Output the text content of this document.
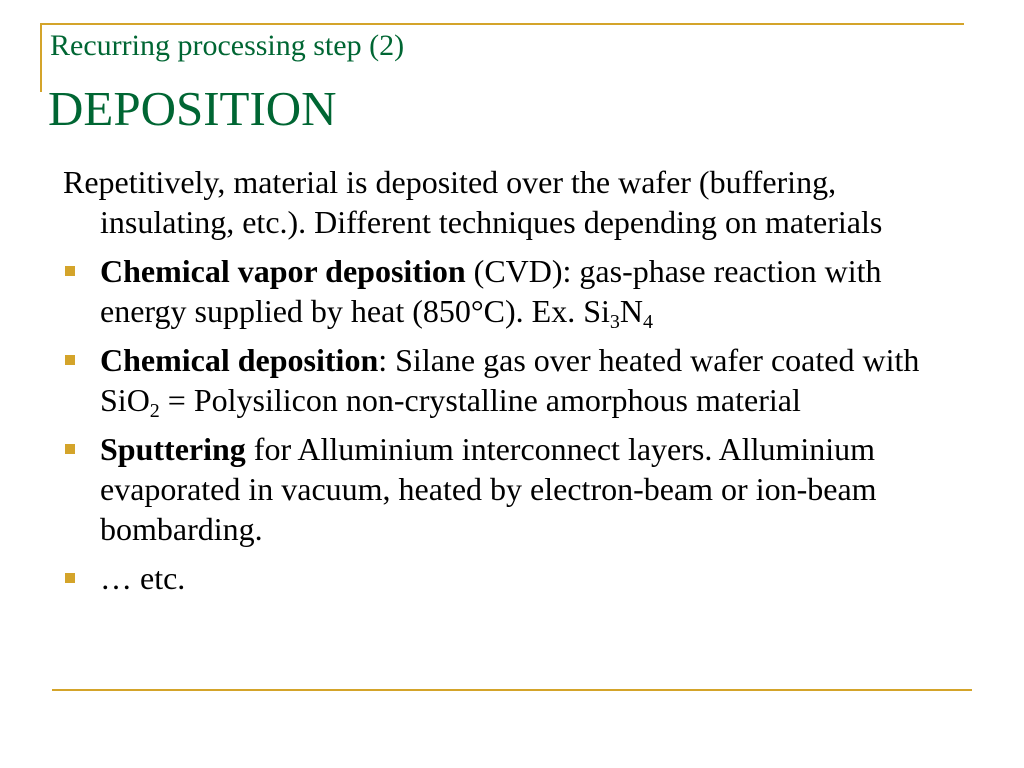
Recurring processing step (2)
DEPOSITION

Repetitively, material is deposited over the wafer (buffering, insulating, etc.). Different techniques depending on materials

Chemical vapor deposition (CVD): gas-phase reaction with energy supplied by heat (850°C). Ex. $Si_3N_4$
Chemical deposition: Silane gas over heated wafer coated with SiO$_2$ = Polysilicon non-crystalline amorphous material
Sputtering for Alluminium interconnect layers. Alluminium evaporated in vacuum, heated by electron-beam or ion-beam bombarding.
… etc.
